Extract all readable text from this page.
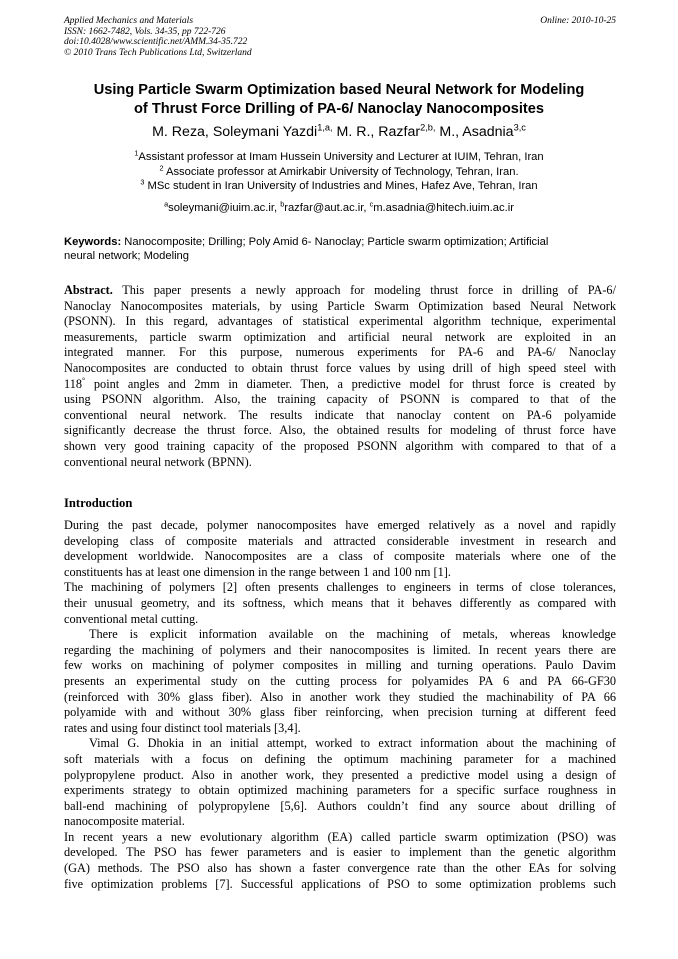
Applied Mechanics and Materials
ISSN: 1662-7482, Vols. 34-35, pp 722-726
doi:10.4028/www.scientific.net/AMM.34-35.722
© 2010 Trans Tech Publications Ltd, Switzerland
Online: 2010-10-25
Using Particle Swarm Optimization based Neural Network for Modeling
of Thrust Force Drilling of PA-6/ Nanoclay Nanocomposites
M. Reza, Soleymani Yazdi$^{1,a,}$ M. R., Razfar$^{2,b,}$ M., Asadnia$^{3,c}$
$^1$Assistant professor at Imam Hussein University and Lecturer at IUIM, Tehran, Iran
$^2$ Associate professor at Amirkabir University of Technology, Tehran, Iran.
$^3$ MSc student in Iran University of Industries and Mines, Hafez Ave, Tehran, Iran
$^a$soleymani@iuim.ac.ir, $^b$razfar@aut.ac.ir, $^c$m.asadnia@hitech.iuim.ac.ir
Keywords: Nanocomposite; Drilling; Poly Amid 6- Nanoclay; Particle swarm optimization; Artificial
neural network; Modeling
Abstract. This paper presents a newly approach for modeling thrust force in drilling of PA-6/
Nanoclay Nanocomposites materials, by using Particle Swarm Optimization based Neural Network
(PSONN). In this regard, advantages of statistical experimental algorithm technique, experimental
measurements, particle swarm optimization and artificial neural network are exploited in an
integrated manner. For this purpose, numerous experiments for PA-6 and PA-6/ Nanoclay
Nanocomposites are conducted to obtain thrust force values by using drill of high speed steel with
118° point angles and 2mm in diameter. Then, a predictive model for thrust force is created by
using PSONN algorithm. Also, the training capacity of PSONN is compared to that of the
conventional neural network. The results indicate that nanoclay content on PA-6 polyamide
significantly decrease the thrust force. Also, the obtained results for modeling of thrust force have
shown very good training capacity of the proposed PSONN algorithm with compared to that of a
conventional neural network (BPNN).
Introduction
During the past decade, polymer nanocomposites have emerged relatively as a novel and rapidly
developing class of composite materials and attracted considerable investment in research and
development worldwide. Nanocomposites are a class of composite materials where one of the
constituents has at least one dimension in the range between 1 and 100 nm [1].
The machining of polymers [2] often presents challenges to engineers in terms of close tolerances,
their unusual geometry, and its softness, which means that it behaves differently as compared with
conventional metal cutting.
There is explicit information available on the machining of metals, whereas knowledge
regarding the machining of polymers and their nanocomposites is limited. In recent years there are
few works on machining of polymer composites in milling and turning operations. Paulo Davim
presents an experimental study on the cutting process for polyamides PA 6 and PA 66-GF30
(reinforced with 30% glass fiber). Also in another work they studied the machinability of PA 66
polyamide with and without 30% glass fiber reinforcing, when precision turning at different feed
rates and using four distinct tool materials [3,4].
Vimal G. Dhokia in an initial attempt, worked to extract information about the machining of
soft materials with a focus on defining the optimum machining parameter for a machined
polypropylene product. Also in another work, they presented a predictive model using a design of
experiments strategy to obtain optimized machining parameters for a specific surface roughness in
ball-end machining of polypropylene [5,6]. Authors couldn’t find any source about drilling of
nanocomposite material.
In recent years a new evolutionary algorithm (EA) called particle swarm optimization (PSO) was
developed. The PSO has fewer parameters and is easier to implement than the genetic algorithm
(GA) methods. The PSO also has shown a faster convergence rate than the other EAs for solving
five optimization problems [7]. Successful applications of PSO to some optimization problems such
